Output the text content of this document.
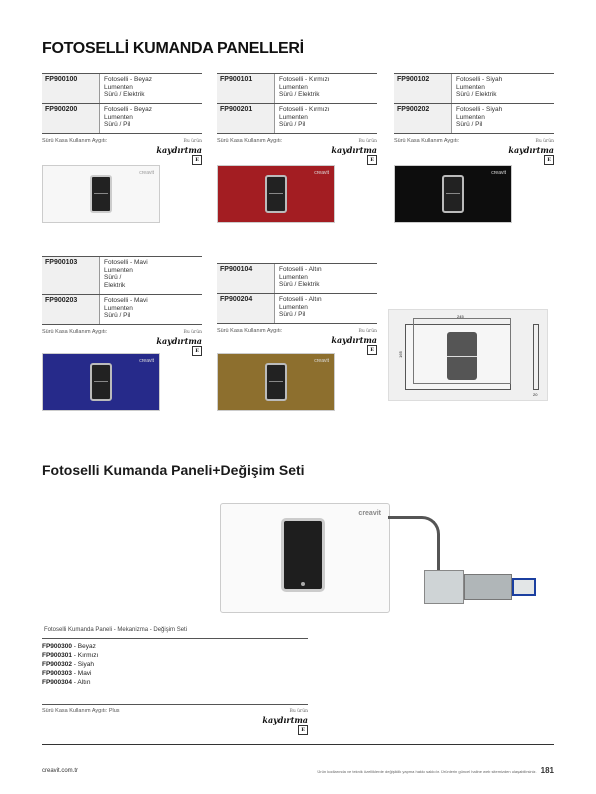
FOTOSELLİ KUMANDA PANELLERİ
FP900100	Fotoselli - Beyaz
Lumenten
Sürü / Elektrik
FP900200	Fotoselli - Beyaz
Lumenten
Sürü / Pil
Sürü Kasa Kullanım Aygıtı:	Bu ürün
kaydırtma
E
creavit
FP900101	Fotoselli - Kırmızı
Lumenten
Sürü / Elektrik
FP900201	Fotoselli - Kırmızı
Lumenten
Sürü / Pil
Sürü Kasa Kullanım Aygıtı:	Bu ürün
kaydırtma
E
creavit
FP900102	Fotoselli - Siyah
Lumenten
Sürü / Elektrik
FP900202	Fotoselli - Siyah
Lumenten
Sürü / Pil
Sürü Kasa Kullanım Aygıtı:	Bu ürün
kaydırtma
E
creavit
FP900103	Fotoselli - Mavi
Lumenten
Sürü /
Elektrik
FP900203	Fotoselli - Mavi
Lumenten
Sürü / Pil
Sürü Kasa Kullanım Aygıtı:	Bu ürün
kaydırtma
E
creavit
FP900104	Fotoselli - Altın
Lumenten
Sürü / Elektrik
FP900204	Fotoselli - Altın
Lumenten
Sürü / Pil
Sürü Kasa Kullanım Aygıtı:	Bu ürün
kaydırtma
E
creavit
245
165
20
Fotoselli Kumanda Paneli+Değişim Seti
creavit
Fotoselli Kumanda Paneli - Mekanizma - Değişim Seti
FP900300 - Beyaz
FP900301 - Kırmızı
FP900302 - Siyah
FP900303 - Mavi
FP900304 - Altın
Sürü Kasa Kullanım Aygıtı: Plus	Bu ürün
kaydırtma
E
creavit.com.tr	Ürün kodlarında ve teknik özelliklerde değişiklik yapma hakkı saklıdır. Ürünlerin güncel haline web sitemizden ulaşabilirsiniz. 181
